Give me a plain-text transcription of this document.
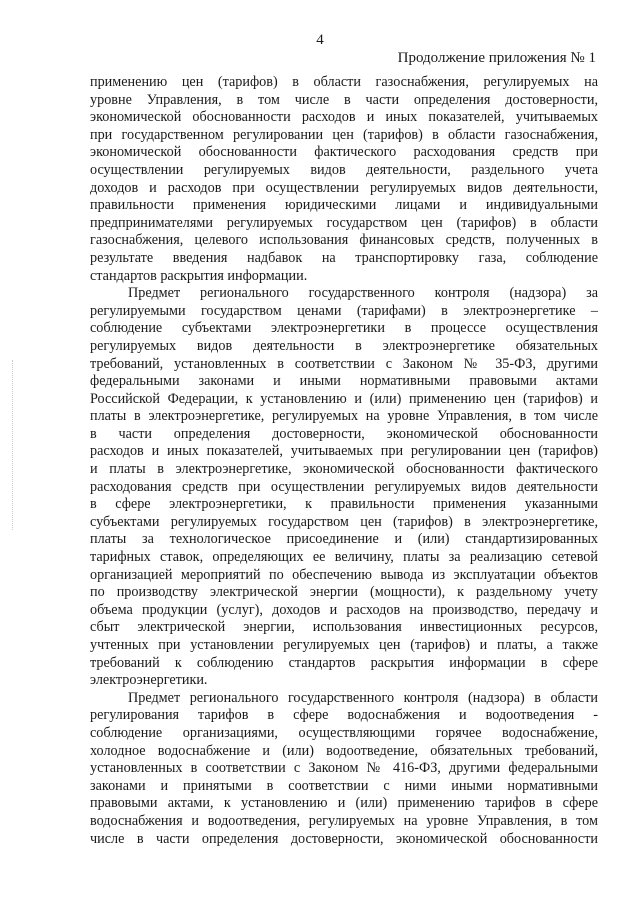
4
Продолжение приложения № 1
применению цен (тарифов) в области газоснабжения, регулируемых на
уровне Управления, в том числе в части определения достоверности,
экономической обоснованности расходов и иных показателей, учитываемых
при государственном регулировании цен (тарифов) в области газоснабжения,
экономической обоснованности фактического расходования средств при
осуществлении регулируемых видов деятельности, раздельного учета
доходов и расходов при осуществлении регулируемых видов деятельности,
правильности применения юридическими лицами и индивидуальными
предпринимателями регулируемых государством цен (тарифов) в области
газоснабжения, целевого использования финансовых средств, полученных в
результате введения надбавок на транспортировку газа, соблюдение
стандартов раскрытия информации.
Предмет регионального государственного контроля (надзора) за
регулируемыми государством ценами (тарифами) в электроэнергетике –
соблюдение субъектами электроэнергетики в процессе осуществления
регулируемых видов деятельности в электроэнергетике обязательных
требований, установленных в соответствии с Законом № 35-ФЗ, другими
федеральными законами и иными нормативными правовыми актами
Российской Федерации, к установлению и (или) применению цен (тарифов) и
платы в электроэнергетике, регулируемых на уровне Управления, в том числе
в части определения достоверности, экономической обоснованности
расходов и иных показателей, учитываемых при регулировании цен (тарифов)
и платы в электроэнергетике, экономической обоснованности фактического
расходования средств при осуществлении регулируемых видов деятельности
в сфере электроэнергетики, к правильности применения указанными
субъектами регулируемых государством цен (тарифов) в электроэнергетике,
платы за технологическое присоединение и (или) стандартизированных
тарифных ставок, определяющих ее величину, платы за реализацию сетевой
организацией мероприятий по обеспечению вывода из эксплуатации объектов
по производству электрической энергии (мощности), к раздельному учету
объема продукции (услуг), доходов и расходов на производство, передачу и
сбыт электрической энергии, использования инвестиционных ресурсов,
учтенных при установлении регулируемых цен (тарифов) и платы, а также
требований к соблюдению стандартов раскрытия информации в сфере
электроэнергетики.
Предмет регионального государственного контроля (надзора) в области
регулирования тарифов в сфере водоснабжения и водоотведения -
соблюдение организациями, осуществляющими горячее водоснабжение,
холодное водоснабжение и (или) водоотведение, обязательных требований,
установленных в соответствии с Законом № 416-ФЗ, другими федеральными
законами и принятыми в соответствии с ними иными нормативными
правовыми актами, к установлению и (или) применению тарифов в сфере
водоснабжения и водоотведения, регулируемых на уровне Управления, в том
числе в части определения достоверности, экономической обоснованности
